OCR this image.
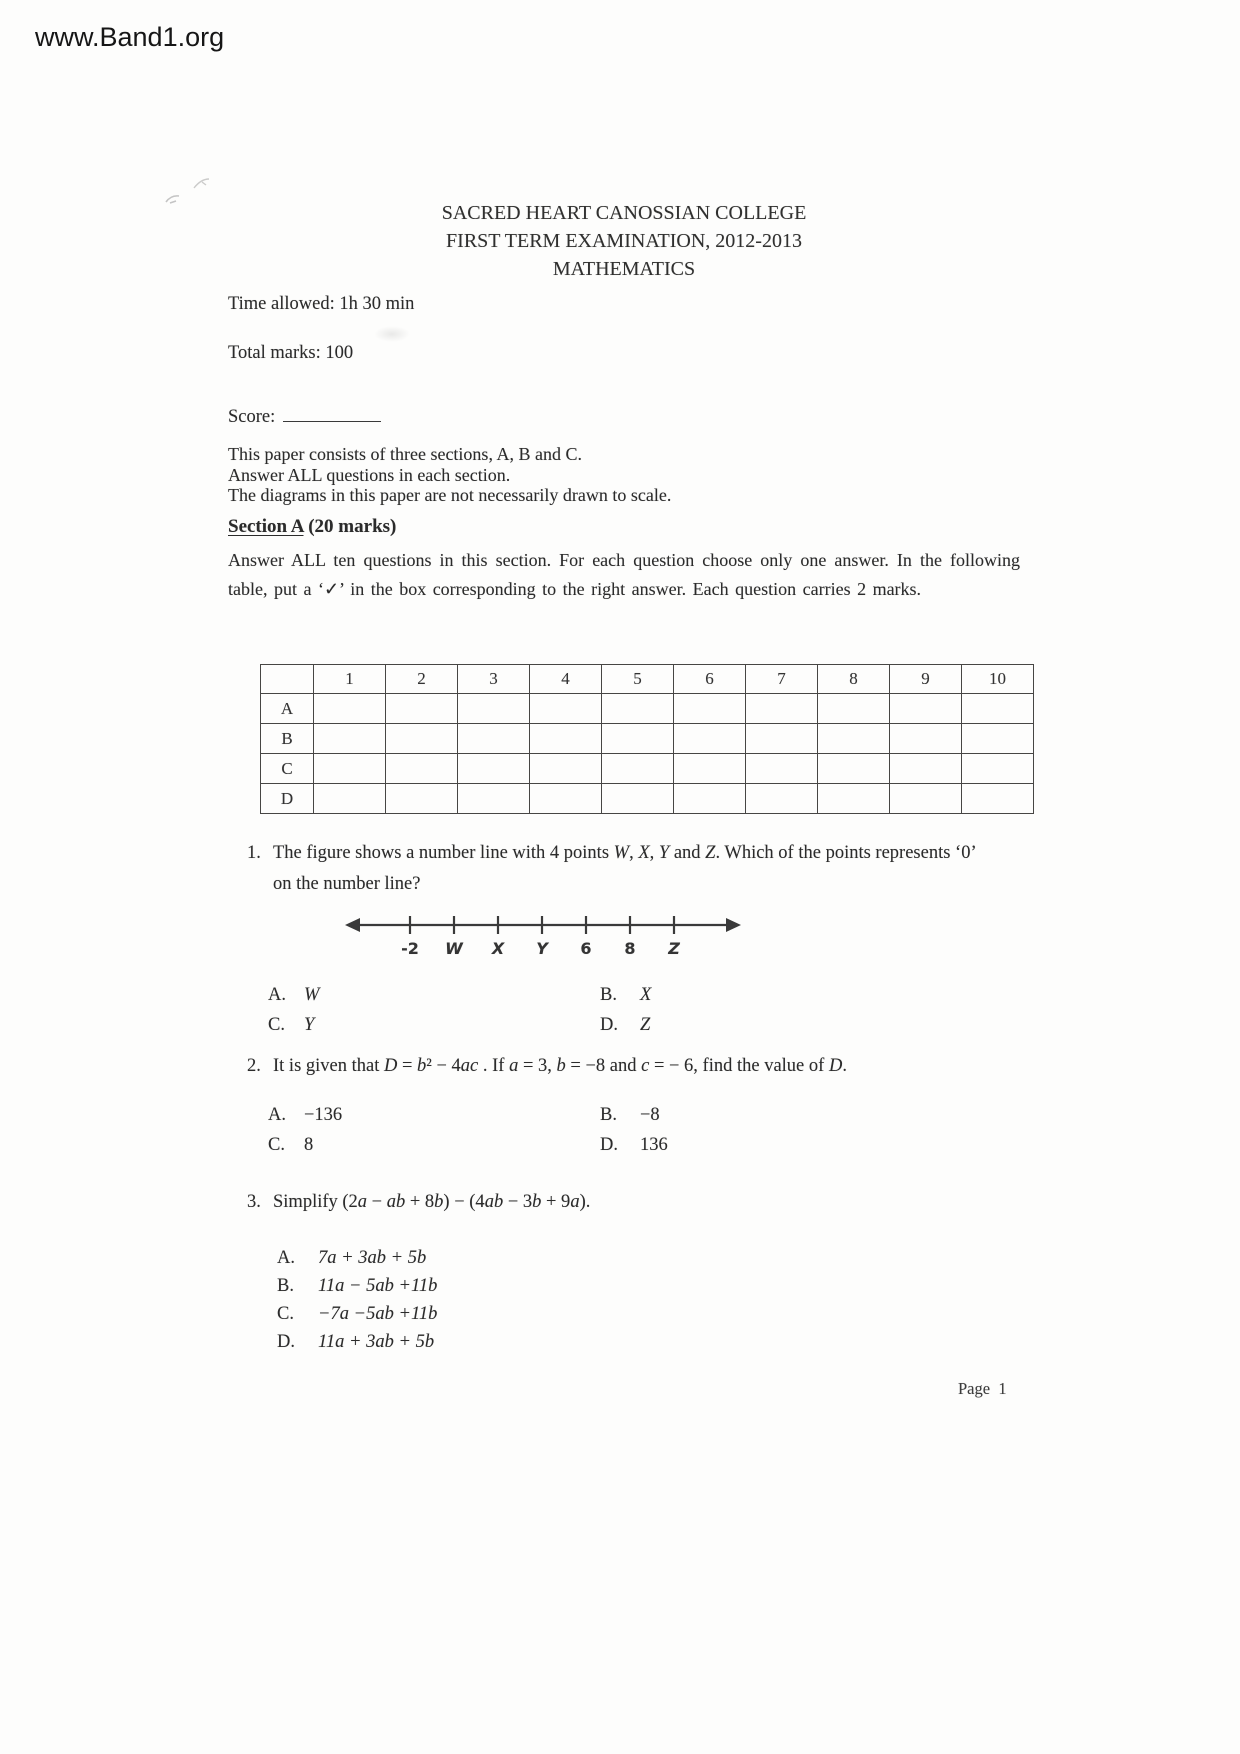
www.Band1.org
SACRED HEART CANOSSIAN COLLEGE
FIRST TERM EXAMINATION, 2012-2013
MATHEMATICS
Time allowed: 1h 30 min
Total marks: 100
Score:
This paper consists of three sections, A, B and C.
Answer ALL questions in each section.
The diagrams in this paper are not necessarily drawn to scale.
Section A (20 marks)
Answer ALL ten questions in this section. For each question choose only one answer. In the following table, put a ‘✓’ in the box corresponding to the right answer. Each question carries 2 marks.
	1	2	3	4	5	6	7	8	9	10
A										
B										
C										
D										
1. The figure shows a number line with 4 points W, X, Y and Z. Which of the points represents ‘0’
on the number line?
-2 W X Y 6 8 Z
A. W	B.	X
C.	Y	D.	Z
2. It is given that D = b² − 4ac . If a = 3, b = −8 and c = − 6, find the value of D.
A. −136	B.	−8
C.	8	D.	136
3. Simplify (2a − ab + 8b) − (4ab − 3b + 9a).
A.	7a + 3ab + 5b
B.	11a − 5ab +11b
C.	−7a −5ab +11b
D.	11a + 3ab + 5b
Page  1
